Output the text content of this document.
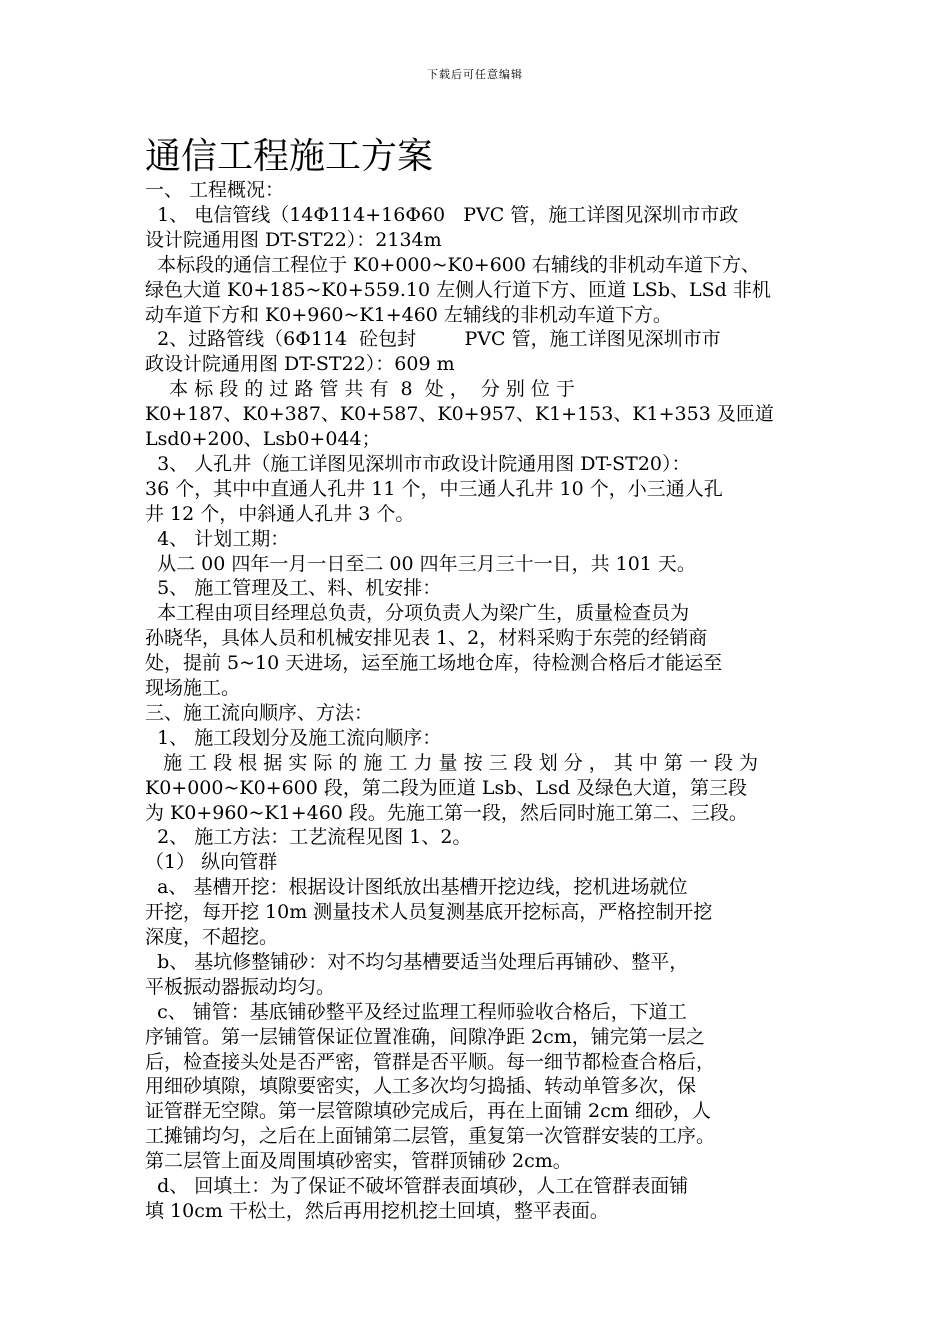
下载后可任意编辑
通信工程施工方案
一、 工程概况：
1、 电信管线（14Φ114+16Φ60   PVC 管，施工详图见深圳市市政
设计院通用图 DT-ST22）：2134m
本标段的通信工程位于 K0+000~K0+600 右辅线的非机动车道下方、
绿色大道 K0+185~K0+559.10 左侧人行道下方、匝道 LSb、LSd 非机
动车道下方和 K0+960~K1+460 左辅线的非机动车道下方。
2、过路管线（6Φ114  砼包封        PVC 管，施工详图见深圳市市
政设计院通用图 DT-ST22）：609 m
本 标 段 的 过 路 管 共 有  8  处 ，  分 别 位 于
K0+187、K0+387、K0+587、K0+957、K1+153、K1+353 及匝道
Lsd0+200、Lsb0+044；
3、 人孔井（施工详图见深圳市市政设计院通用图 DT-ST20）：
36 个，其中中直通人孔井 11 个，中三通人孔井 10 个，小三通人孔
井 12 个，中斜通人孔井 3 个。
4、 计划工期：
从二 00 四年一月一日至二 00 四年三月三十一日，共 101 天。
5、 施工管理及工、料、机安排：
本工程由项目经理总负责，分项负责人为梁广生，质量检查员为
孙晓华，具体人员和机械安排见表 1、2，材料采购于东莞的经销商
处，提前 5~10 天进场，运至施工场地仓库，待检测合格后才能运至
现场施工。
三、施工流向顺序、方法：
1、 施工段划分及施工流向顺序：
施 工 段 根 据 实 际 的 施 工 力 量 按 三 段 划 分 ， 其 中 第 一 段 为
K0+000~K0+600 段，第二段为匝道 Lsb、Lsd 及绿色大道，第三段
为 K0+960~K1+460 段。先施工第一段，然后同时施工第二、三段。
2、 施工方法：工艺流程见图 1、2。
（1） 纵向管群
a、 基槽开挖：根据设计图纸放出基槽开挖边线，挖机进场就位
开挖，每开挖 10m 测量技术人员复测基底开挖标高，严格控制开挖
深度，不超挖。
b、 基坑修整铺砂：对不均匀基槽要适当处理后再铺砂、整平，
平板振动器振动均匀。
c、 铺管：基底铺砂整平及经过监理工程师验收合格后，下道工
序铺管。第一层铺管保证位置准确，间隙净距 2cm，铺完第一层之
后，检查接头处是否严密，管群是否平顺。每一细节都检查合格后，
用细砂填隙，填隙要密实，人工多次均匀捣插、转动单管多次，保
证管群无空隙。第一层管隙填砂完成后，再在上面铺 2cm 细砂，人
工摊铺均匀，之后在上面铺第二层管，重复第一次管群安装的工序。
第二层管上面及周围填砂密实，管群顶铺砂 2cm。
d、 回填土：为了保证不破坏管群表面填砂，人工在管群表面铺
填 10cm 干松土，然后再用挖机挖土回填，整平表面。
